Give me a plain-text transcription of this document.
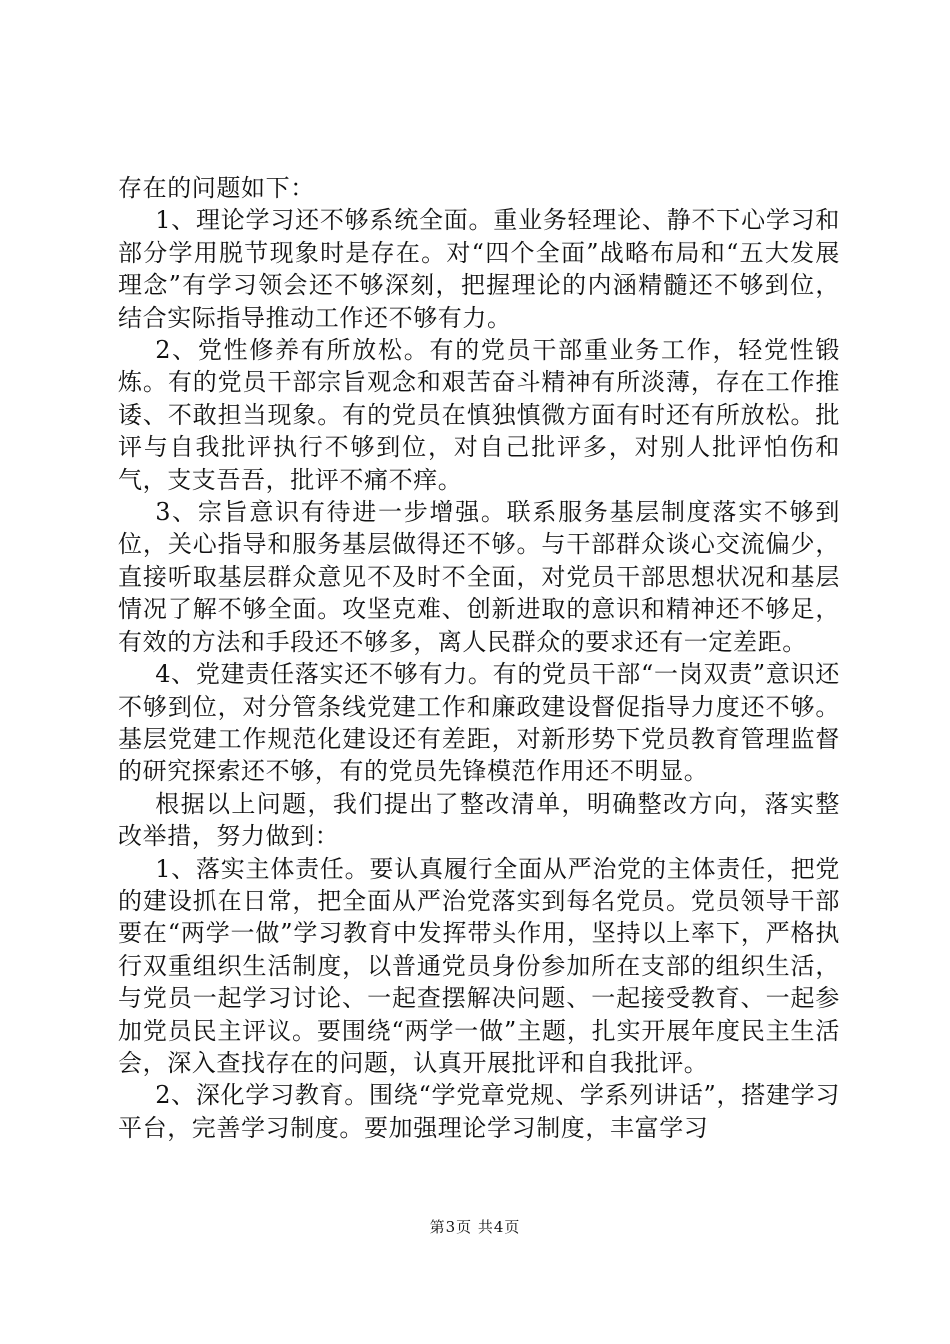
存在的问题如下：

1、理论学习还不够系统全面。重业务轻理论、静不下心学习和部分学用脱节现象时是存在。对“四个全面”战略布局和“五大发展理念”有学习领会还不够深刻，把握理论的内涵精髓还不够到位，结合实际指导推动工作还不够有力。

2、党性修养有所放松。有的党员干部重业务工作，轻党性锻炼。有的党员干部宗旨观念和艰苦奋斗精神有所淡薄，存在工作推诿、不敢担当现象。有的党员在慎独慎微方面有时还有所放松。批评与自我批评执行不够到位，对自己批评多，对别人批评怕伤和气，支支吾吾，批评不痛不痒。

3、宗旨意识有待进一步增强。联系服务基层制度落实不够到位，关心指导和服务基层做得还不够。与干部群众谈心交流偏少，直接听取基层群众意见不及时不全面，对党员干部思想状况和基层情况了解不够全面。攻坚克难、创新进取的意识和精神还不够足，有效的方法和手段还不够多，离人民群众的要求还有一定差距。

4、党建责任落实还不够有力。有的党员干部“一岗双责”意识还不够到位，对分管条线党建工作和廉政建设督促指导力度还不够。基层党建工作规范化建设还有差距，对新形势下党员教育管理监督的研究探索还不够，有的党员先锋模范作用还不明显。

根据以上问题，我们提出了整改清单，明确整改方向，落实整改举措，努力做到：

1、落实主体责任。要认真履行全面从严治党的主体责任，把党的建设抓在日常，把全面从严治党落实到每名党员。党员领导干部要在“两学一做”学习教育中发挥带头作用，坚持以上率下，严格执行双重组织生活制度，以普通党员身份参加所在支部的组织生活，与党员一起学习讨论、一起查摆解决问题、一起接受教育、一起参加党员民主评议。要围绕“两学一做”主题，扎实开展年度民主生活会，深入查找存在的问题，认真开展批评和自我批评。

2、深化学习教育。围绕“学党章党规、学系列讲话”，搭建学习平台，完善学习制度。要加强理论学习制度，丰富学习

第3页 共4页
